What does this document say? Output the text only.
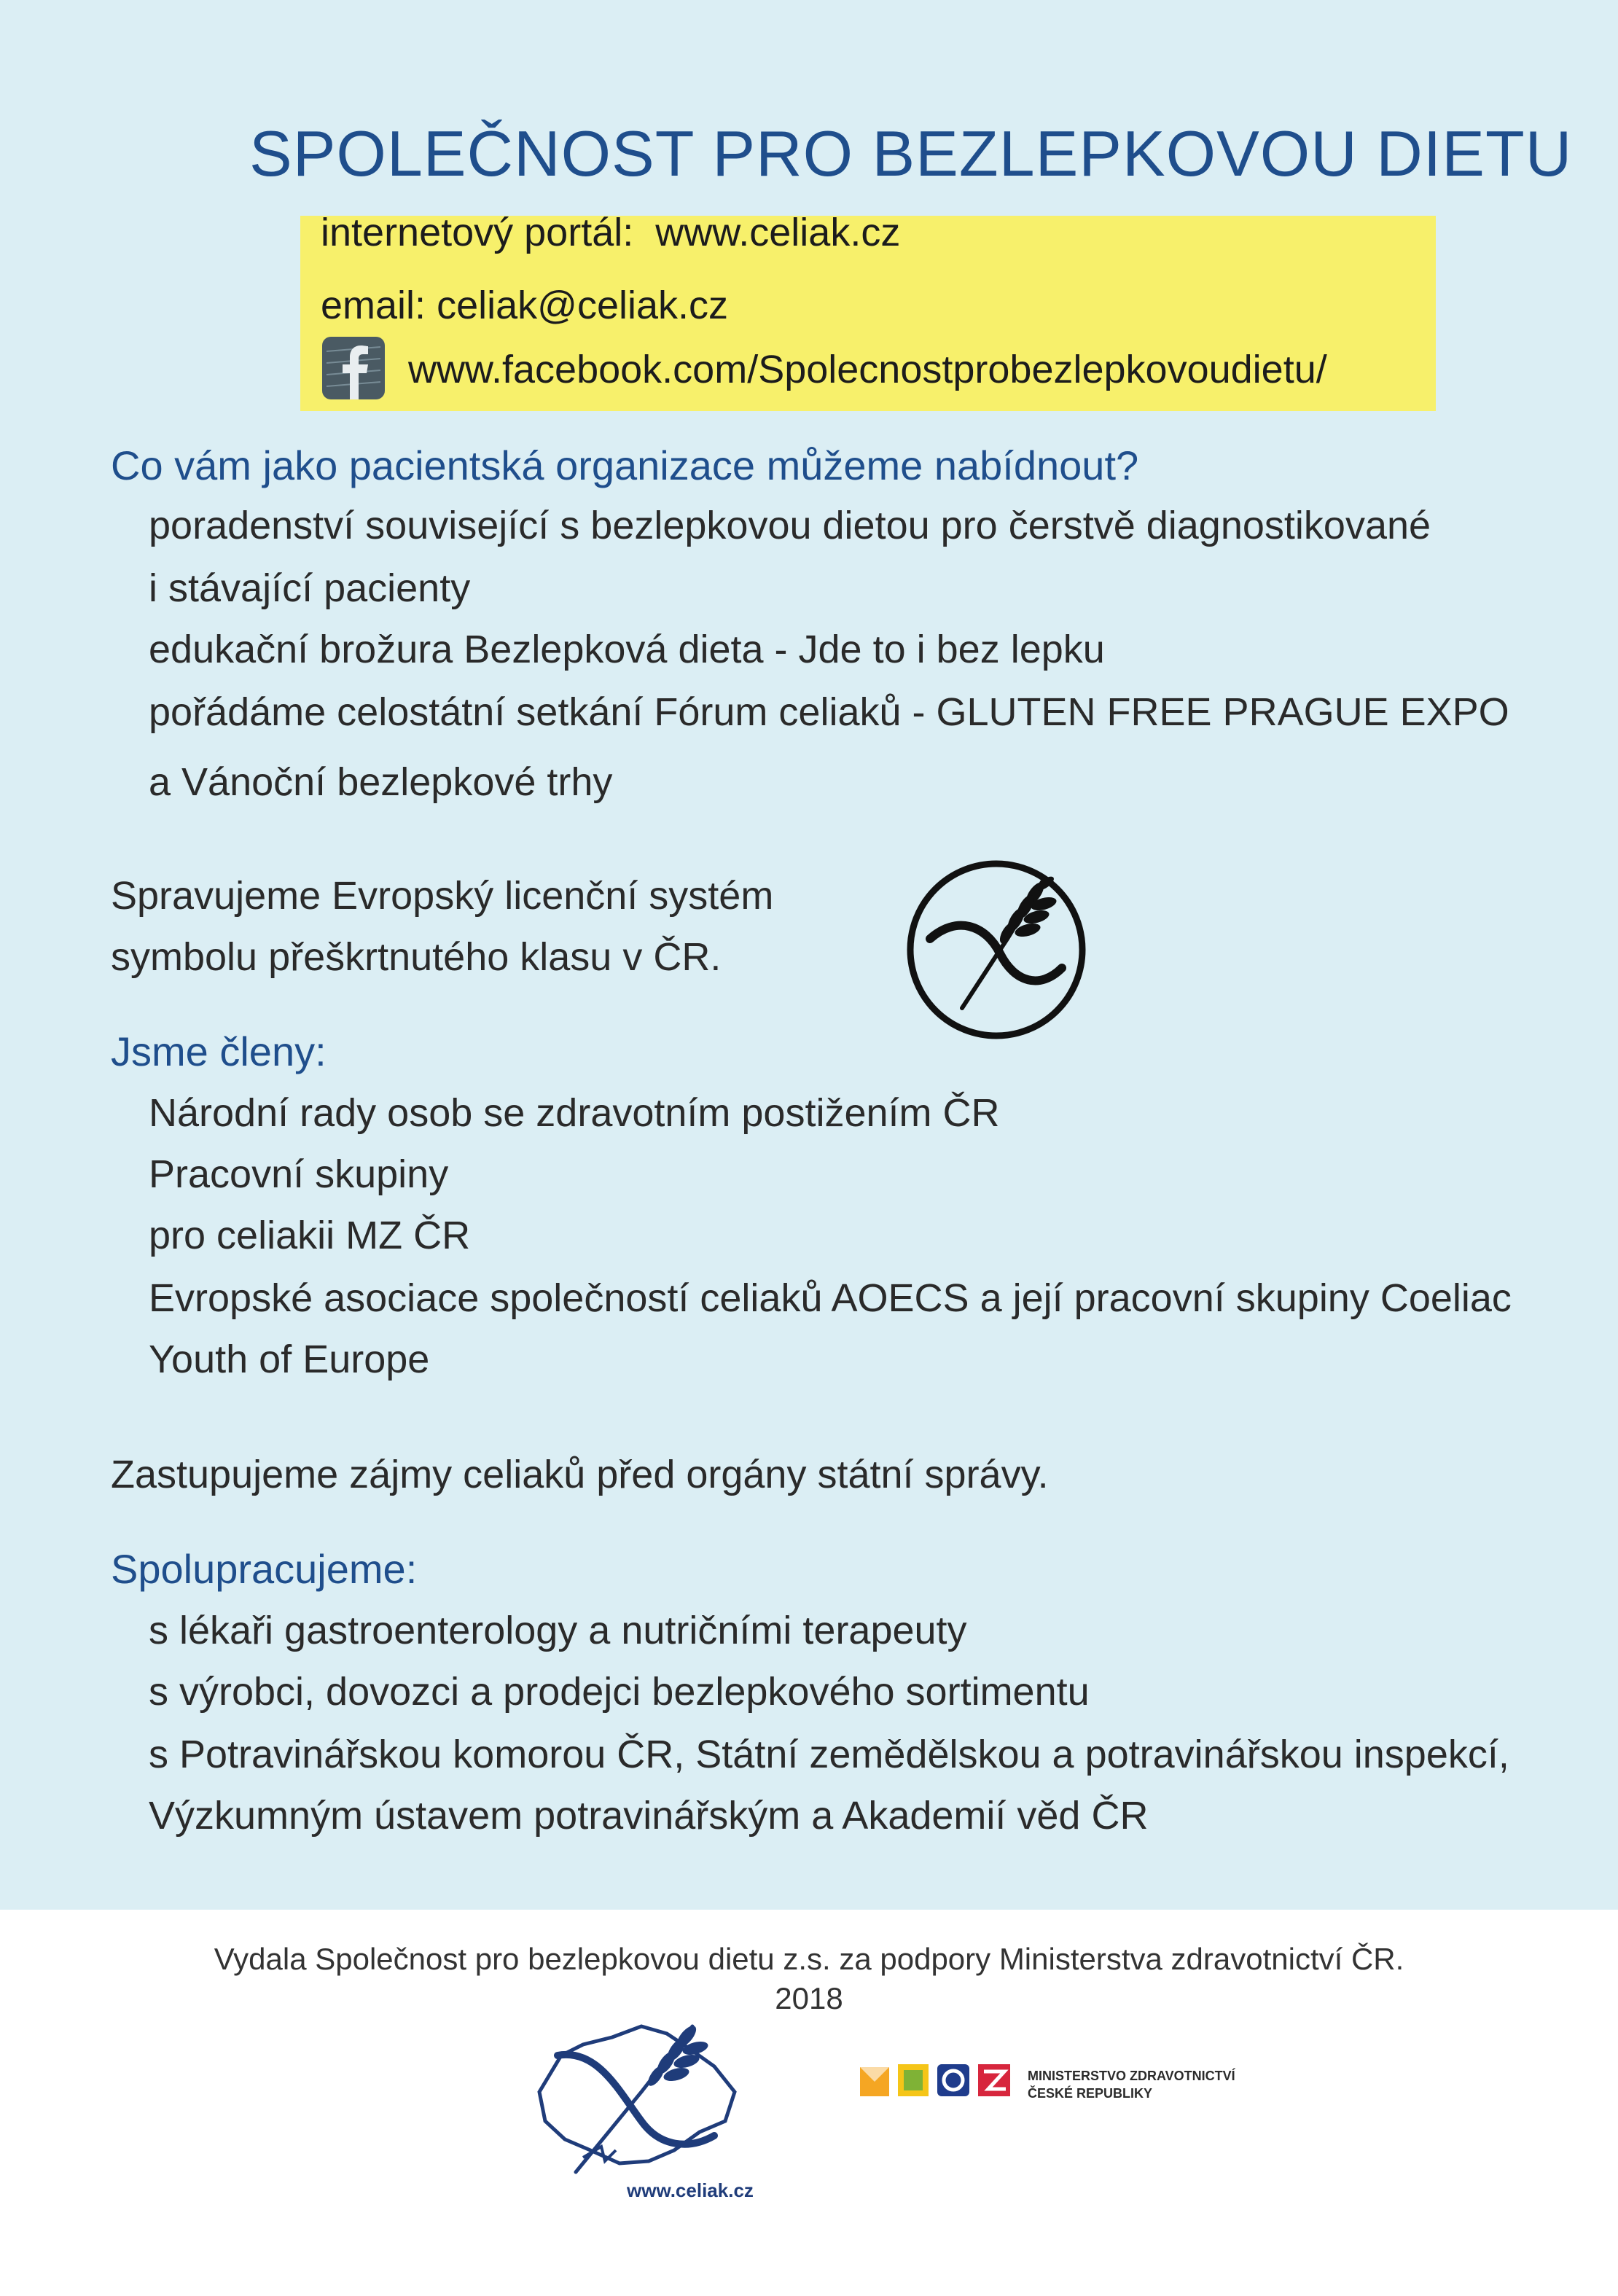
SPOLEČNOST PRO BEZLEPKOVOU DIETU
internetový portál: www.celiak.cz
email: celiak@celiak.cz
www.facebook.com/Spolecnostprobezlepkovoudietu/
Co vám jako pacientská organizace můžeme nabídnout?
poradenství související s bezlepkovou dietou pro čerstvě diagnostikované
i stávající pacienty
edukační brožura Bezlepková dieta - Jde to i bez lepku
pořádáme celostátní setkání Fórum celiaků - GLUTEN FREE PRAGUE EXPO
a Vánoční bezlepkové trhy
Spravujeme Evropský licenční systém
symbolu přeškrtnutého klasu v ČR.
Jsme členy:
Národní rady osob se zdravotním postižením ČR
Pracovní skupiny
pro celiakii MZ ČR
Evropské asociace společností celiaků AOECS a její pracovní skupiny Coeliac
Youth of Europe
Zastupujeme zájmy celiaků před orgány státní správy.
Spolupracujeme:
s lékaři gastroenterology a nutričními terapeuty
s výrobci, dovozci a prodejci bezlepkového sortimentu
s Potravinářskou komorou ČR, Státní zemědělskou a potravinářskou inspekcí,
Výzkumným ústavem potravinářským a Akademií věd ČR
Vydala Společnost pro bezlepkovou dietu z.s. za podpory Ministerstva zdravotnictví ČR.
2018
www.celiak.cz
MINISTERSTVO ZDRAVOTNICTVÍ
ČESKÉ REPUBLIKY
